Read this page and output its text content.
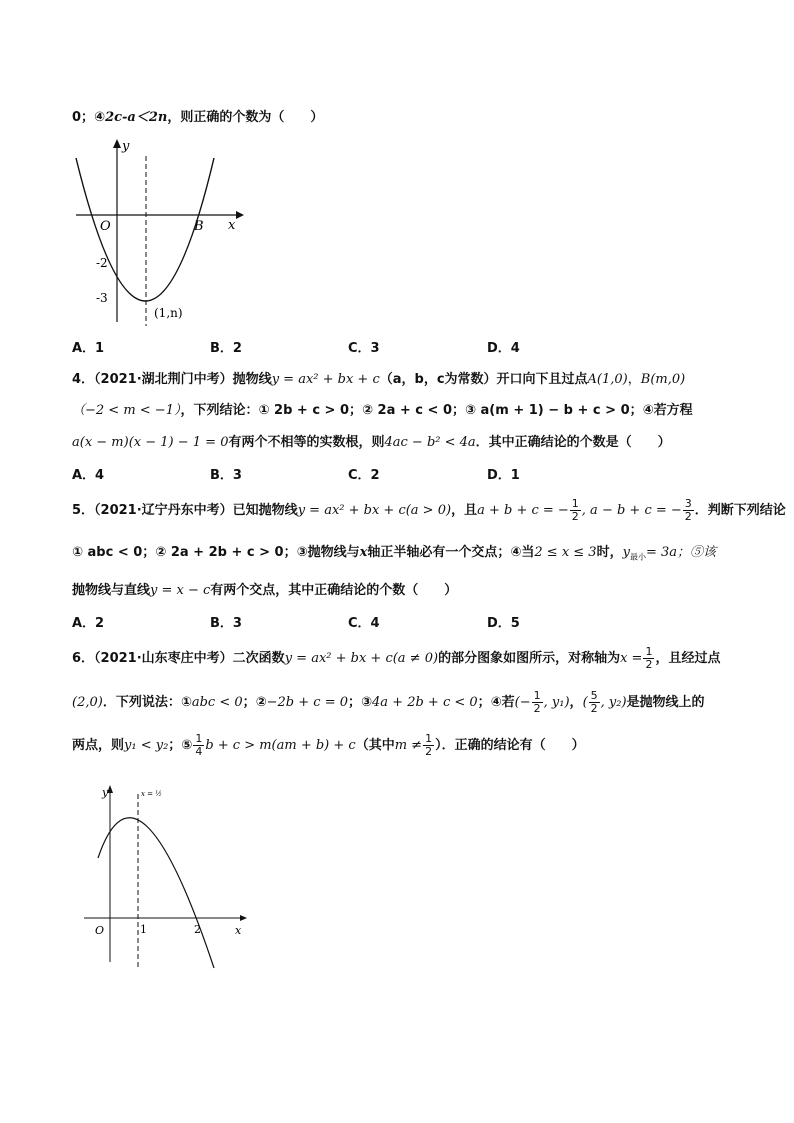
0；④2c-a＜2n，则正确的个数为（　　）
y
x
O	B
-2
-3
(1,n)
A．1	B．2	C．3	D．4
4．（2021·湖北荆门中考）抛物线y = ax² + bx + c（a，b，c为常数）开口向下且过点A(1,0)，B(m,0)
（−2 < m < −1），下列结论：① 2b + c > 0；② 2a + c < 0；③ a(m + 1) − b + c > 0；④若方程
a(x − m)(x − 1) − 1 = 0有两个不相等的实数根，则4ac − b² < 4a．其中正确结论的个数是（　　）
A．4	B．3	C．2	D．1
5．（2021·辽宁丹东中考）已知抛物线y = ax² + bx + c(a > 0)，且a + b + c = − $\frac{1}{2}$ , a − b + c = − $\frac{3}{2}$ ．判断下列结论
① abc < 0；② 2a + 2b + c > 0；③抛物线与x轴正半轴必有一个交点；④当2 ≤ x ≤ 3时，$y_{最小}= 3a$；⑤该
抛物线与直线y = x − c有两个交点，其中正确结论的个数（　　）
A．2	B．3	C．4	D．5
6．（2021·山东枣庄中考）二次函数y = ax² + bx + c(a ≠ 0)的部分图象如图所示，对称轴为$x = \frac{1}{2}$ ，且经过点
(2,0)．下列说法：①abc < 0；②−2b + c = 0；③4a + 2b + c < 0；④若(− $\frac{1}{2}$ , y₁)，( $\frac{5}{2}$ , y₂)是抛物线上的
两点，则y₁ < y₂；⑤ $\frac{1}{4}$ b + c > m(am + b) + c（其中$m \ne \frac{1}{2}$ ）．正确的结论有（　　）
y
x
O	1	2
x = ½
